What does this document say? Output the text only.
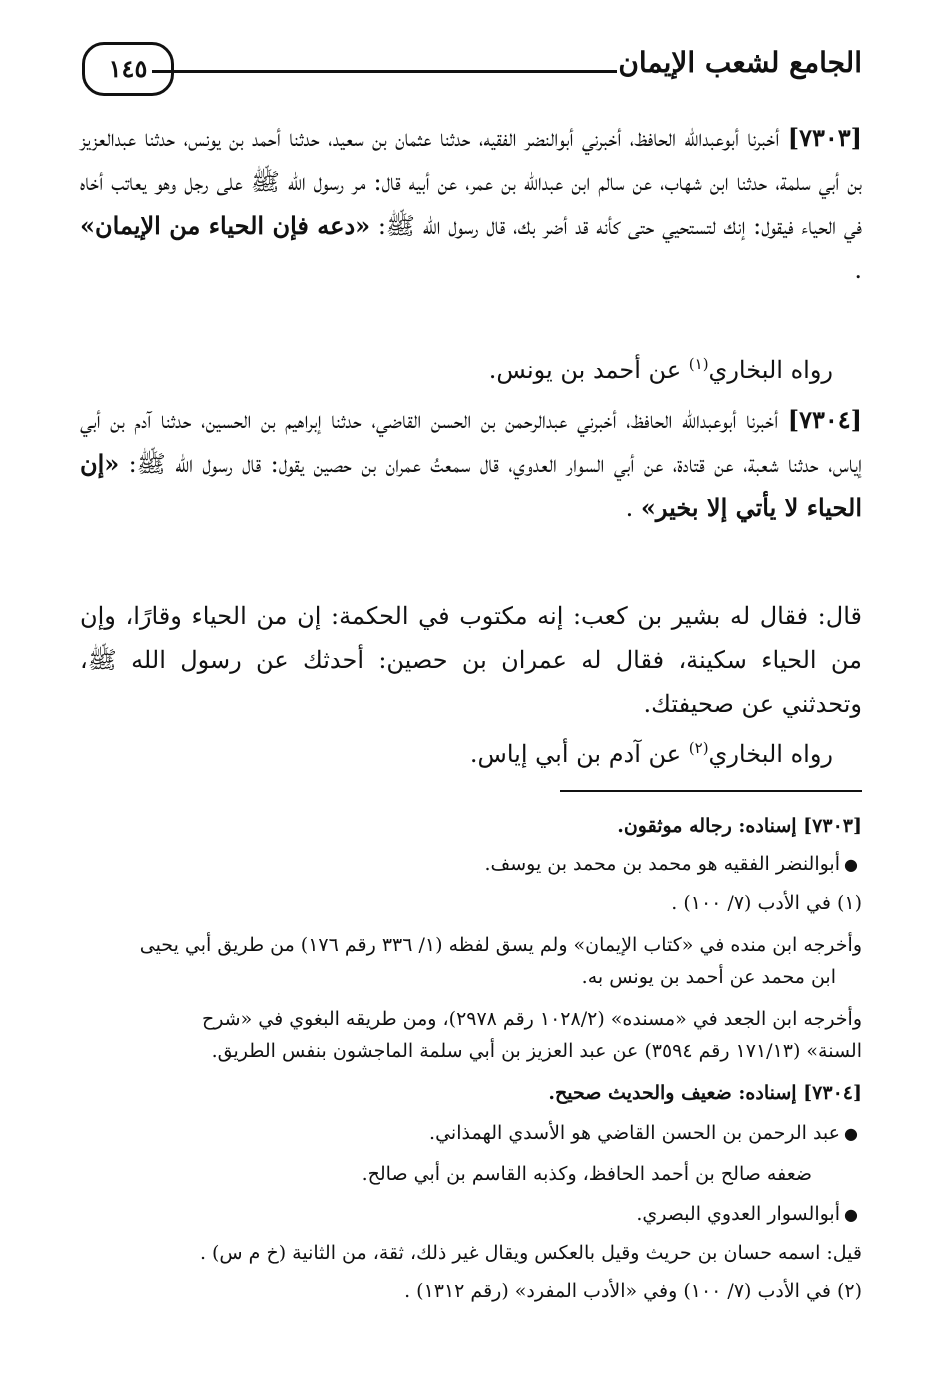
الجامع لشعب الإيمان
١٤٥
[٧٣٠٣] أخبرنا أبوعبدالله الحافظ، أخبرني أبوالنضر الفقيه، حدثنا عثمان بن سعيد، حدثنا أحمد بن يونس، حدثنا عبدالعزيز بن أبي سلمة، حدثنا ابن شهاب، عن سالم ابن عبدالله بن عمر، عن أبيه قال: مر رسول الله ﷺ على رجل وهو يعاتب أخاه في الحياء فيقول: إنك لتستحيي حتى كأنه قد أضر بك، قال رسول الله ﷺ: «دعه فإن الحياء من الإيمان» .
رواه البخاري$^{(١)}$ عن أحمد بن يونس.
[٧٣٠٤] أخبرنا أبوعبدالله الحافظ، أخبرني عبدالرحمن بن الحسن القاضي، حدثنا إبراهيم بن الحسين، حدثنا آدم بن أبي إياس، حدثنا شعبة، عن قتادة، عن أبي السوار العدوي، قال سمعتُ عمران بن حصين يقول: قال رسول الله ﷺ: «إن الحياء لا يأتي إلا بخير» .
قال: فقال له بشير بن كعب: إنه مكتوب في الحكمة: إن من الحياء وقارًا، وإن من الحياء سكينة، فقال له عمران بن حصين: أحدثك عن رسول الله ﷺ، وتحدثني عن صحيفتك.
رواه البخاري$^{(٢)}$ عن آدم بن أبي إياس.
[٧٣٠٣] إسناده: رجاله موثقون.
●أبوالنضر الفقيه هو محمد بن محمد بن يوسف.
(١) في الأدب (٧/ ١٠٠) .
وأخرجه ابن منده في «كتاب الإيمان» ولم يسق لفظه (١/ ٣٣٦ رقم ١٧٦) من طريق أبي يحيى
ابن محمد عن أحمد بن يونس به.
وأخرجه ابن الجعد في «مسنده» (١٠٢٨/٢ رقم ٢٩٧٨)، ومن طريقه البغوي في «شرح
السنة» (١٧١/١٣ رقم ٣٥٩٤) عن عبد العزيز بن أبي سلمة الماجشون بنفس الطريق.
[٧٣٠٤] إسناده: ضعيف والحديث صحيح.
●عبد الرحمن بن الحسن القاضي هو الأسدي الهمذاني.
ضعفه صالح بن أحمد الحافظ، وكذبه القاسم بن أبي صالح.
●أبوالسوار العدوي البصري.
قيل: اسمه حسان بن حريث وقيل بالعكس ويقال غير ذلك، ثقة، من الثانية (خ م س) .
(٢) في الأدب (٧/ ١٠٠) وفي «الأدب المفرد» (رقم ١٣١٢) .
